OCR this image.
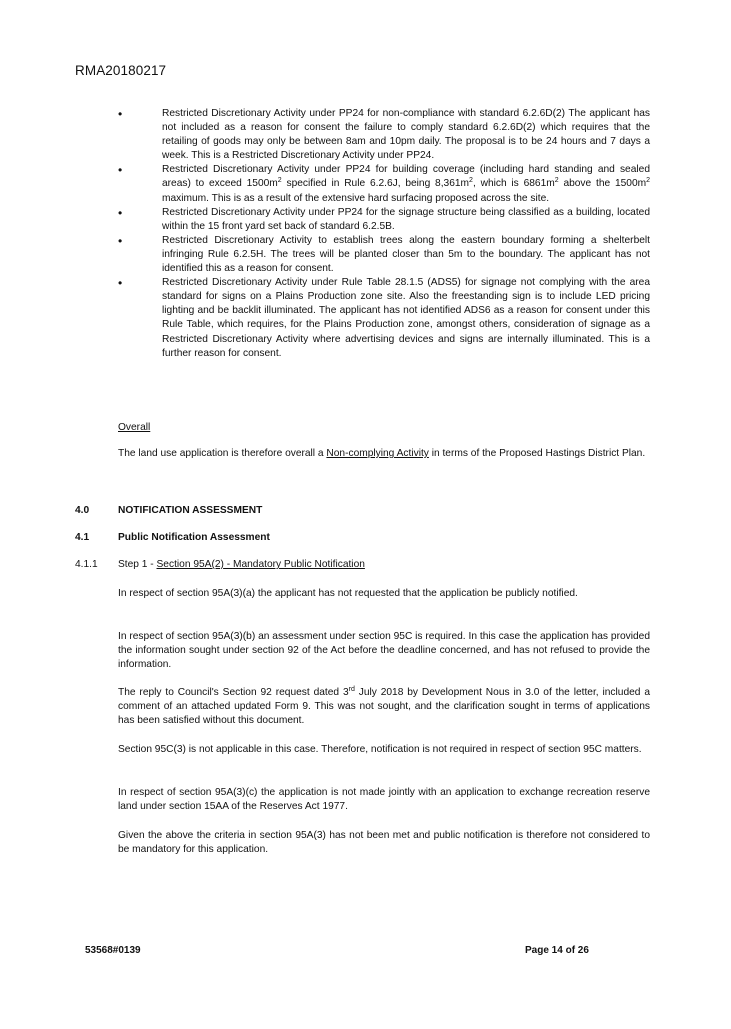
RMA20180217
•	Restricted Discretionary Activity under PP24 for non-compliance with standard 6.2.6D(2) The applicant has not included as a reason for consent the failure to comply standard 6.2.6D(2) which requires that the retailing of goods may only be between 8am and 10pm daily. The proposal is to be 24 hours and 7 days a week. This is a Restricted Discretionary Activity under PP24.
•	Restricted Discretionary Activity under PP24 for building coverage (including hard standing and sealed areas) to exceed $1500m^2$ specified in Rule 6.2.6J, being $8,361m^2$, which is $6861m^2$ above the $1500m^2$ maximum. This is as a result of the extensive hard surfacing proposed across the site.
•	Restricted Discretionary Activity under PP24 for the signage structure being classified as a building, located within the 15 front yard set back of standard 6.2.5B.
•	Restricted Discretionary Activity to establish trees along the eastern boundary forming a shelterbelt infringing Rule 6.2.5H. The trees will be planted closer than 5m to the boundary. The applicant has not identified this as a reason for consent.
•	Restricted Discretionary Activity under Rule Table 28.1.5 (ADS5) for signage not complying with the area standard for signs on a Plains Production zone site. Also the freestanding sign is to include LED pricing lighting and be backlit illuminated. The applicant has not identified ADS6 as a reason for consent under this Rule Table, which requires, for the Plains Production zone, amongst others, consideration of signage as a Restricted Discretionary Activity where advertising devices and signs are internally illuminated. This is a further reason for consent.
Overall
The land use application is therefore overall a Non-complying Activity in terms of the Proposed Hastings District Plan.
4.0	NOTIFICATION ASSESSMENT
4.1	Public Notification Assessment
4.1.1 Step 1 - Section 95A(2) - Mandatory Public Notification
In respect of section 95A(3)(a) the applicant has not requested that the application be publicly notified.
In respect of section 95A(3)(b) an assessment under section 95C is required. In this case the application has provided the information sought under section 92 of the Act before the deadline concerned, and has not refused to provide the information.
The reply to Council's Section 92 request dated 3rd July 2018 by Development Nous in 3.0 of the letter, included a comment of an attached updated Form 9. This was not sought, and the clarification sought in terms of applications has been satisfied without this document.
Section 95C(3) is not applicable in this case. Therefore, notification is not required in respect of section 95C matters.
In respect of section 95A(3)(c) the application is not made jointly with an application to exchange recreation reserve land under section 15AA of the Reserves Act 1977.
Given the above the criteria in section 95A(3) has not been met and public notification is therefore not considered to be mandatory for this application.
53568#0139	Page 14 of 26
